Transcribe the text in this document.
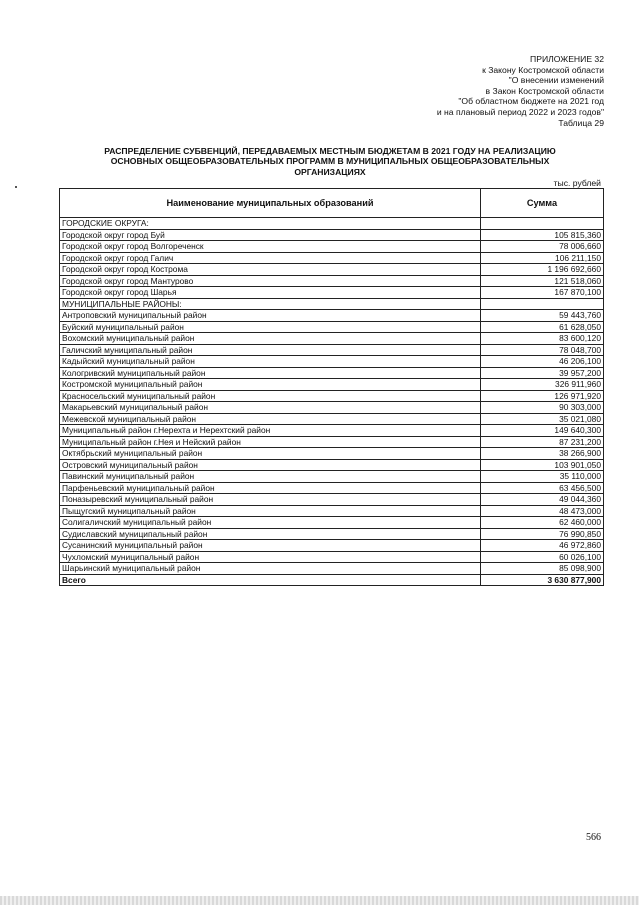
ПРИЛОЖЕНИЕ 32
к Закону Костромской области
"О внесении изменений
в Закон Костромской области
"Об областном бюджете на 2021 год
и на плановый период 2022 и 2023 годов"
Таблица 29
РАСПРЕДЕЛЕНИЕ СУБВЕНЦИЙ, ПЕРЕДАВАЕМЫХ МЕСТНЫМ БЮДЖЕТАМ В 2021 ГОДУ НА РЕАЛИЗАЦИЮ
ОСНОВНЫХ ОБЩЕОБРАЗОВАТЕЛЬНЫХ ПРОГРАММ В МУНИЦИПАЛЬНЫХ ОБЩЕОБРАЗОВАТЕЛЬНЫХ
ОРГАНИЗАЦИЯХ
тыс. рублей
Наименование муниципальных образований	Сумма
ГОРОДСКИЕ ОКРУГА:	
Городской округ город Буй	105 815,360
Городской округ город Волгореченск	78 006,660
Городской округ город Галич	106 211,150
Городской округ город Кострома	1 196 692,660
Городской округ город Мантурово	121 518,060
Городской округ город Шарья	167 870,100
МУНИЦИПАЛЬНЫЕ РАЙОНЫ:	
Антроповский муниципальный район	59 443,760
Буйский муниципальный район	61 628,050
Вохомский муниципальный район	83 600,120
Галичский муниципальный район	78 048,700
Кадыйский муниципальный район	46 206,100
Кологривский муниципальный район	39 957,200
Костромской муниципальный район	326 911,960
Красносельский муниципальный район	126 971,920
Макарьевский муниципальный район	90 303,000
Межевской муниципальный район	35 021,080
Муниципальный район г.Нерехта и Нерехтский район	149 640,300
Муниципальный район г.Нея и Нейский район	87 231,200
Октябрьский муниципальный район	38 266,900
Островский муниципальный район	103 901,050
Павинский муниципальный район	35 110,000
Парфеньевский муниципальный район	63 456,500
Поназыревский муниципальный район	49 044,360
Пыщугский муниципальный район	48 473,000
Солигаличский муниципальный район	62 460,000
Судиславский муниципальный район	76 990,850
Сусанинский муниципальный район	46 972,860
Чухломский муниципальный район	60 026,100
Шарьинский муниципальный район	85 098,900
Всего	3 630 877,900
566
